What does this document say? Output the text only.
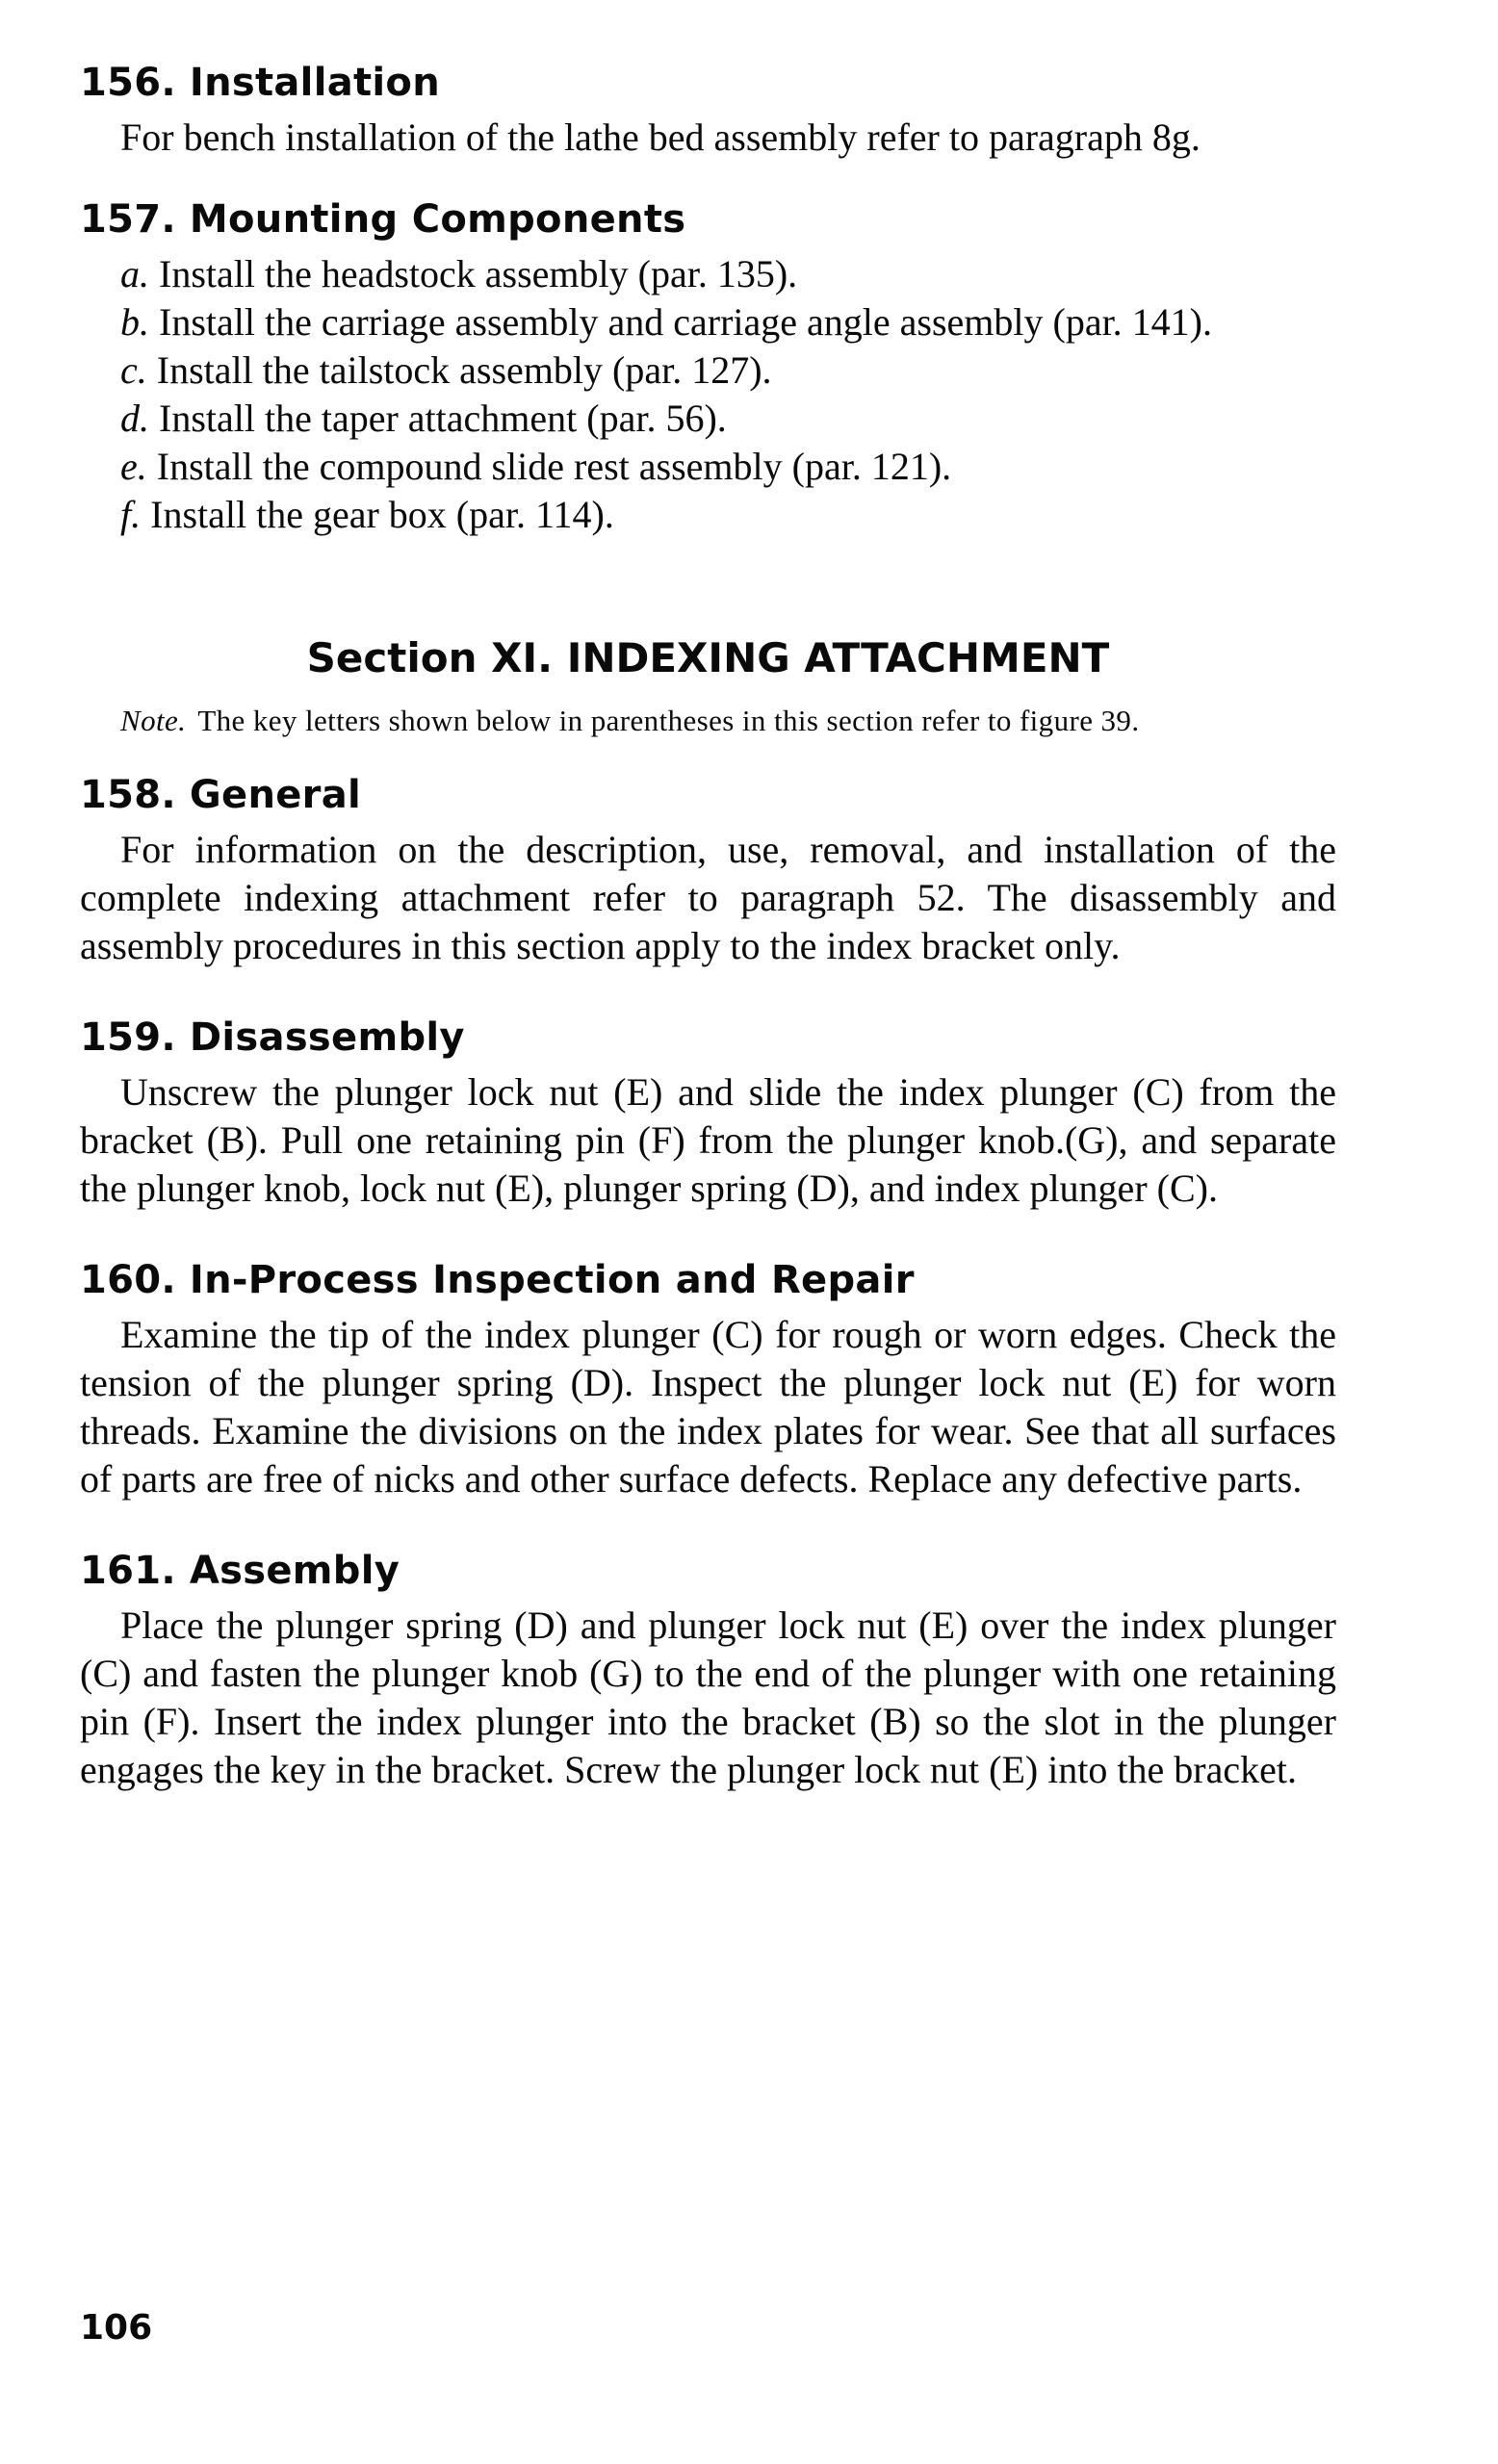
156. Installation

For bench installation of the lathe bed assembly refer to paragraph 8g.

157. Mounting Components
a. Install the headstock assembly (par. 135).
b. Install the carriage assembly and carriage angle assembly (par. 141).
c. Install the tailstock assembly (par. 127).
d. Install the taper attachment (par. 56).
e. Install the compound slide rest assembly (par. 121).
f. Install the gear box (par. 114).
Section XI. INDEXING ATTACHMENT

Note. The key letters shown below in parentheses in this section refer to figure 39.

158. General

For information on the description, use, removal, and installation of the complete indexing attachment refer to paragraph 52. The disassembly and assembly procedures in this section apply to the index bracket only.

159. Disassembly

Unscrew the plunger lock nut (E) and slide the index plunger (C) from the bracket (B). Pull one retaining pin (F) from the plunger knob.(G), and separate the plunger knob, lock nut (E), plunger spring (D), and index plunger (C).

160. In-Process Inspection and Repair

Examine the tip of the index plunger (C) for rough or worn edges. Check the tension of the plunger spring (D). Inspect the plunger lock nut (E) for worn threads. Examine the divisions on the index plates for wear. See that all surfaces of parts are free of nicks and other surface defects. Replace any defective parts.

161. Assembly

Place the plunger spring (D) and plunger lock nut (E) over the index plunger (C) and fasten the plunger knob (G) to the end of the plunger with one retaining pin (F). Insert the index plunger into the bracket (B) so the slot in the plunger engages the key in the bracket. Screw the plunger lock nut (E) into the bracket.

106
